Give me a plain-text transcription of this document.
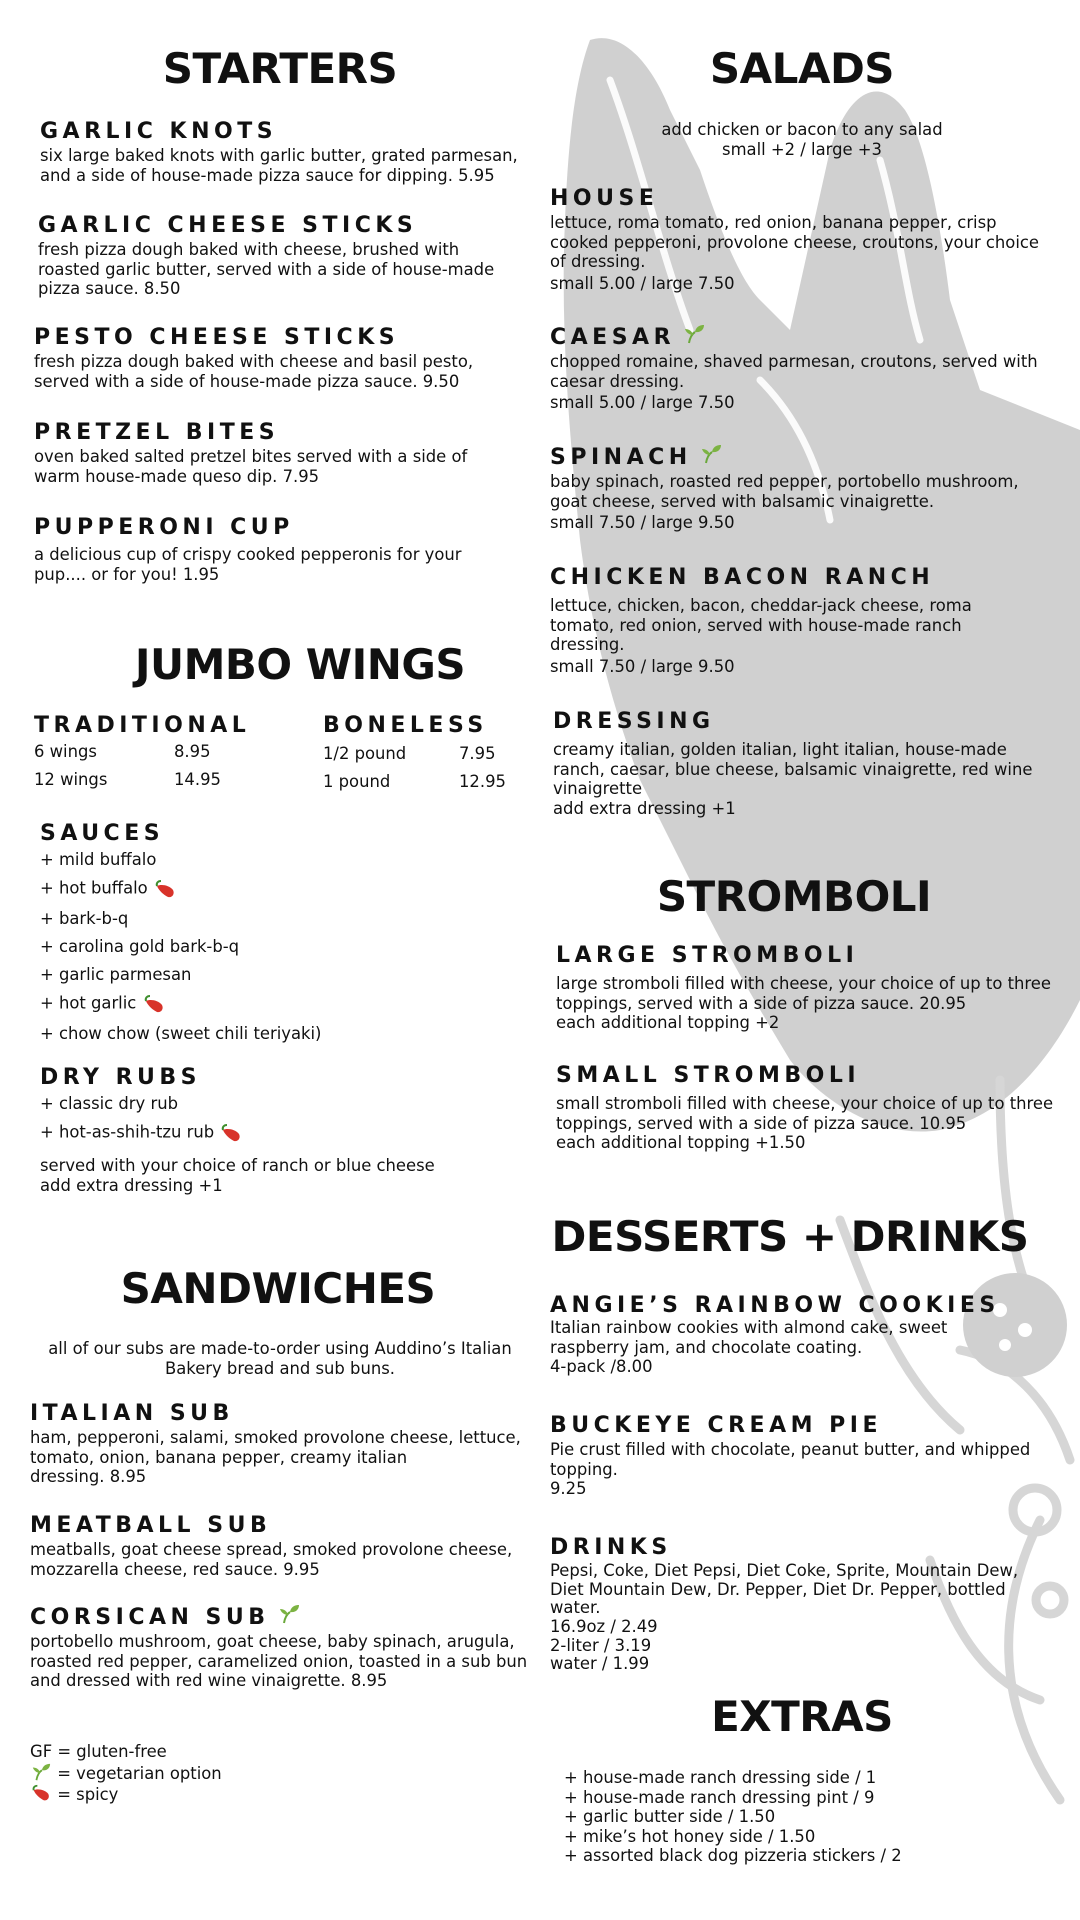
STARTERS
GARLIC KNOTS
six large baked knots with garlic butter, grated parmesan,
and a side of house-made pizza sauce for dipping. 5.95
GARLIC CHEESE STICKS
fresh pizza dough baked with cheese, brushed with
roasted garlic butter, served with a side of house-made
pizza sauce. 8.50
PESTO CHEESE STICKS
fresh pizza dough baked with cheese and basil pesto,
served with a side of house-made pizza sauce. 9.50
PRETZEL BITES
oven baked salted pretzel bites served with a side of
warm house-made queso dip. 7.95
PUPPERONI CUP
a delicious cup of crispy cooked pepperonis for your
pup.... or for you! 1.95
JUMBO WINGS
TRADITIONAL
6 wings	8.95
12 wings	14.95
BONELESS
1/2 pound	7.95
1 pound	12.95
SAUCES
+ mild buffalo
+ hot buffalo
+ bark-b-q
+ carolina gold bark-b-q
+ garlic parmesan
+ hot garlic
+ chow chow (sweet chili teriyaki)
DRY RUBS
+ classic dry rub
+ hot-as-shih-tzu rub
served with your choice of ranch or blue cheese
add extra dressing +1
SANDWICHES
all of our subs are made-to-order using Auddino’s Italian
Bakery bread and sub buns.
ITALIAN SUB
ham, pepperoni, salami, smoked provolone cheese, lettuce,
tomato, onion, banana pepper, creamy italian
dressing. 8.95
MEATBALL SUB
meatballs, goat cheese spread, smoked provolone cheese,
mozzarella cheese, red sauce. 9.95
CORSICAN SUB
portobello mushroom, goat cheese, baby spinach, arugula,
roasted red pepper, caramelized onion, toasted in a sub bun
and dressed with red wine vinaigrette. 8.95
GF = gluten-free
= vegetarian option
= spicy
SALADS
add chicken or bacon to any salad
small +2 / large +3
HOUSE
lettuce, roma tomato, red onion, banana pepper, crisp
cooked pepperoni, provolone cheese, croutons, your choice
of dressing.
small 5.00 / large 7.50
CAESAR
chopped romaine, shaved parmesan, croutons, served with
caesar dressing.
small 5.00 / large 7.50
SPINACH
baby spinach, roasted red pepper, portobello mushroom,
goat cheese, served with balsamic vinaigrette.
small 7.50 / large 9.50
CHICKEN BACON RANCH
lettuce, chicken, bacon, cheddar-jack cheese, roma
tomato, red onion, served with house-made ranch
dressing.
small 7.50 / large 9.50
DRESSING
creamy italian, golden italian, light italian, house-made
ranch, caesar, blue cheese, balsamic vinaigrette, red wine
vinaigrette
add extra dressing +1
STROMBOLI
LARGE STROMBOLI
large stromboli filled with cheese, your choice of up to three
toppings, served with a side of pizza sauce. 20.95
each additional topping +2
SMALL STROMBOLI
small stromboli filled with cheese, your choice of up to three
toppings, served with a side of pizza sauce. 10.95
each additional topping +1.50
DESSERTS + DRINKS
ANGIE’S RAINBOW COOKIES
Italian rainbow cookies with almond cake, sweet
raspberry jam, and chocolate coating.
4-pack /8.00
BUCKEYE CREAM PIE
Pie crust filled with chocolate, peanut butter, and whipped
topping.
9.25
DRINKS
Pepsi, Coke, Diet Pepsi, Diet Coke, Sprite, Mountain Dew,
Diet Mountain Dew, Dr. Pepper, Diet Dr. Pepper, bottled
water.
16.9oz / 2.49
2-liter / 3.19
water / 1.99
EXTRAS
+ house-made ranch dressing side / 1
+ house-made ranch dressing pint / 9
+ garlic butter side / 1.50
+ mike’s hot honey side / 1.50
+ assorted black dog pizzeria stickers / 2
